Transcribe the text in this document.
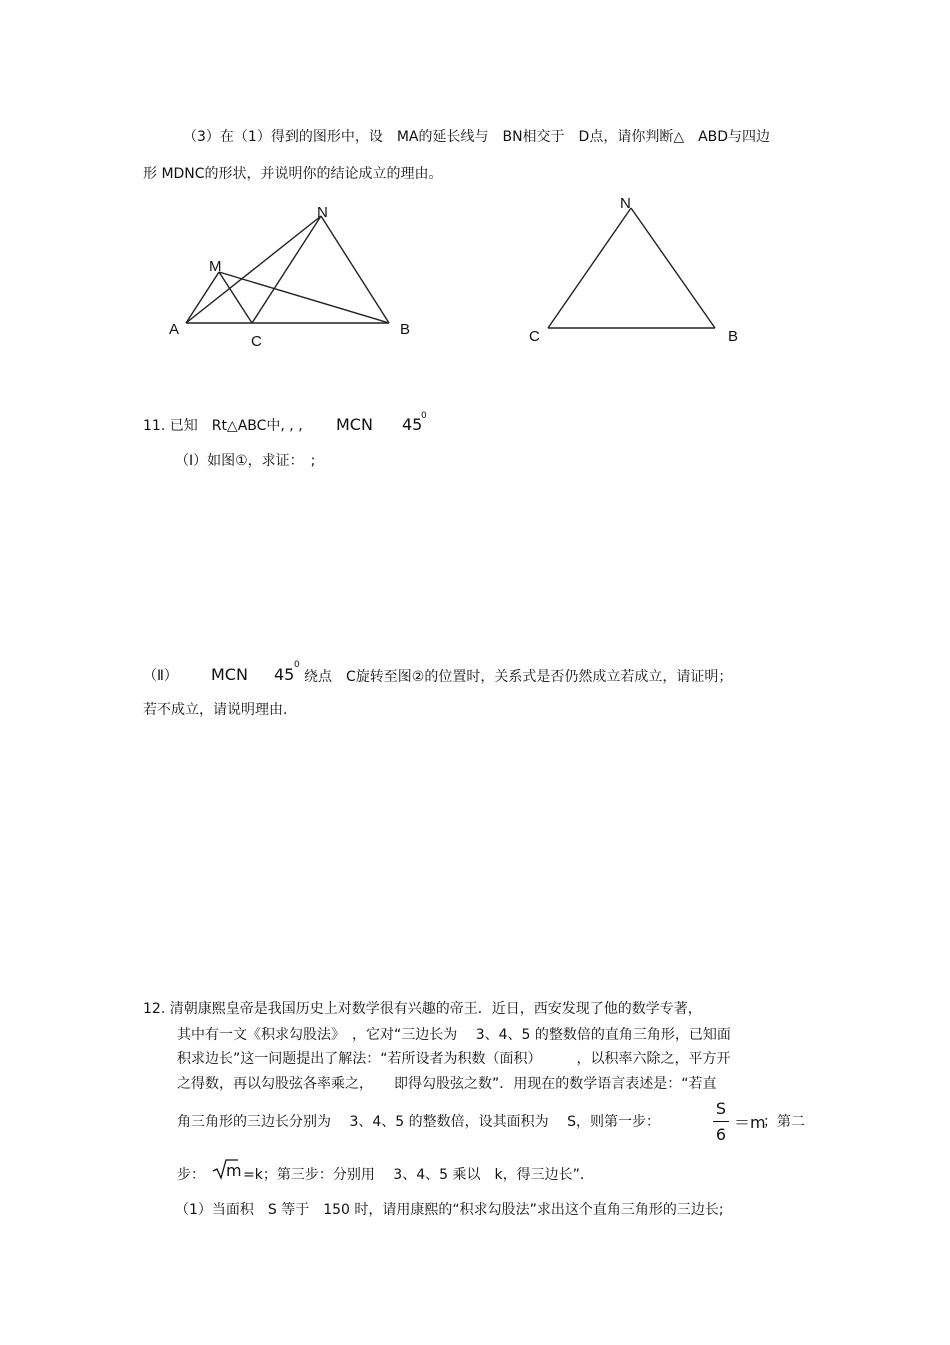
（3）在（1）得到的图形中，设　MA的延长线与　BN相交于　D点，请你判断△　ABD与四边
形 MDNC的形状，并说明你的结论成立的理由。
N
M
A
C
B
N
C	B
11. 已知　Rt△ABC中, , , MCN 45
0
（Ⅰ）如图①，求证：　;
（Ⅱ） MCN 45 0
绕点　C旋转至图②的位置时，关系式是否仍然成立若成立，请证明；
若不成立，请说明理由.
12. 清朝康熙皇帝是我国历史上对数学很有兴趣的帝王．近日，西安发现了他的数学专著，
其中有一文《积求勾股法》　，它对“三边长为　 3、4、5 的整数倍的直角三角形，已知面
积求边长”这一问题提出了解法：“若所设者为积数（面积）　　　，以积率六除之，平方开
之得数，再以勾股弦各率乘之，　　即得勾股弦之数”．用现在的数学语言表述是：“若直
角三角形的三边长分别为　 3、4、5 的整数倍，设其面积为　 S，则第一步：
S
6
＝m
；第二
步： m =k；第三步：分别用　 3、4、5 乘以　k，得三边长”．
（1）当面积　S 等于　150 时，请用康熙的“积求勾股法”求出这个直角三角形的三边长;
